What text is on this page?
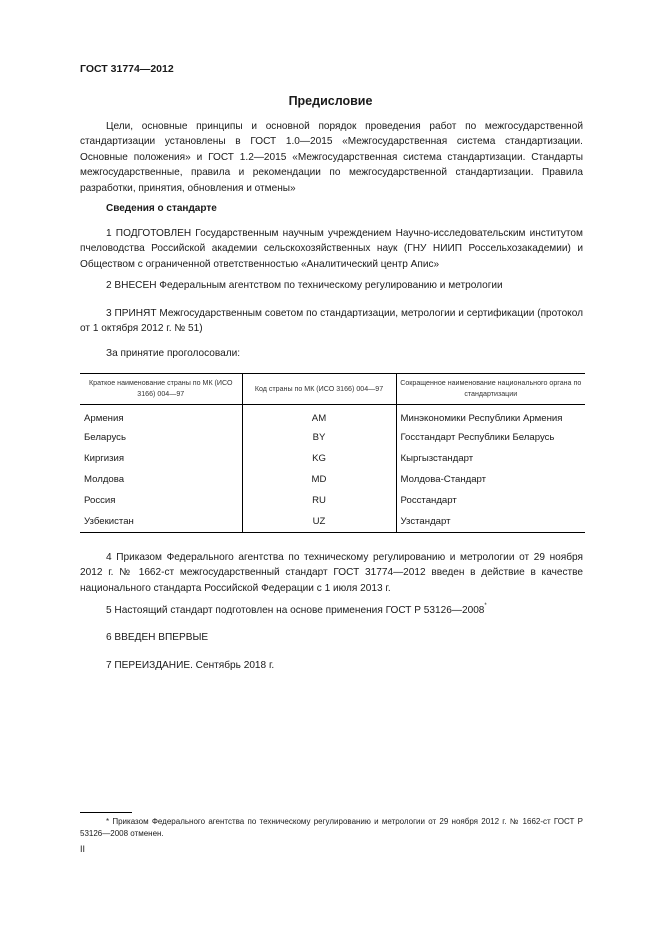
ГОСТ 31774—2012
Предисловие
Цели, основные принципы и основной порядок проведения работ по межгосударственной стандартизации установлены в ГОСТ 1.0—2015 «Межгосударственная система стандартизации. Основные положения» и ГОСТ 1.2—2015 «Межгосударственная система стандартизации. Стандарты межгосударственные, правила и рекомендации по межгосударственной стандартизации. Правила разработки, принятия, обновления и отмены»
Сведения о стандарте
1 ПОДГОТОВЛЕН Государственным научным учреждением Научно-исследовательским институтом пчеловодства Российской академии сельскохозяйственных наук (ГНУ НИИП Россельхозакадемии) и Обществом с ограниченной ответственностью «Аналитический центр Апис»
2 ВНЕСЕН Федеральным агентством по техническому регулированию и метрологии
3 ПРИНЯТ Межгосударственным советом по стандартизации, метрологии и сертификации (протокол от 1 октября 2012 г. № 51)
За принятие проголосовали:
Краткое наименование страны по МК (ИСО 3166) 004—97	Код страны по МК (ИСО 3166) 004—97	Сокращенное наименование национального органа по стандартизации
Армения	AM	Минэкономики Республики Армения
Беларусь	BY	Госстандарт Республики Беларусь
Киргизия	KG	Кыргызстандарт
Молдова	MD	Молдова-Стандарт
Россия	RU	Росстандарт
Узбекистан	UZ	Узстандарт
4 Приказом Федерального агентства по техническому регулированию и метрологии от 29 ноября 2012 г. № 1662-ст межгосударственный стандарт ГОСТ 31774—2012 введен в действие в качестве национального стандарта Российской Федерации с 1 июля 2013 г.
5 Настоящий стандарт подготовлен на основе применения ГОСТ Р 53126—2008*
6 ВВЕДЕН ВПЕРВЫЕ
7 ПЕРЕИЗДАНИЕ. Сентябрь 2018 г.
* Приказом Федерального агентства по техническому регулированию и метрологии от 29 ноября 2012 г. № 1662-ст ГОСТ Р 53126—2008 отменен.
II
